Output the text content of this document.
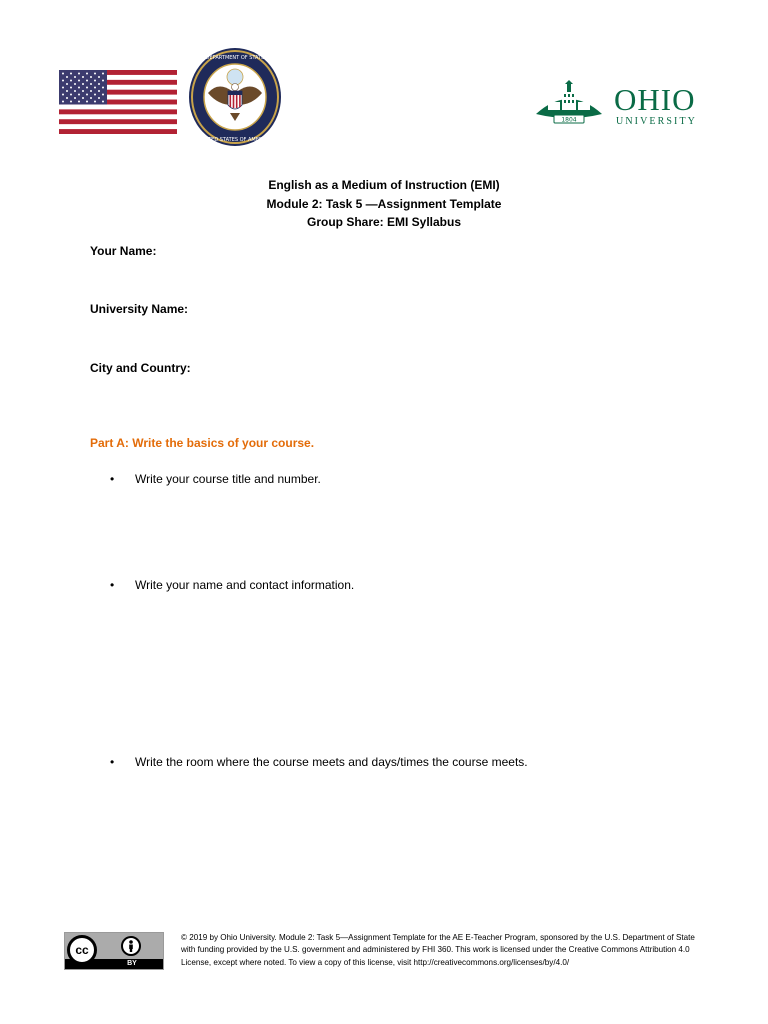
DEPARTMENT OF STATE
UNITED STATES OF AMERICA
1804
OHIO
UNIVERSITY
English as a Medium of Instruction (EMI)
Module 2: Task 5 —Assignment Template
Group Share: EMI Syllabus
Your Name:
University Name:
City and Country:
Part A: Write the basics of your course.
• Write your course title and number.
• Write your name and contact information.
• Write the room where the course meets and days/times the course meets.
cc
BY
© 2019 by Ohio University. Module 2: Task 5—Assignment Template for the AE E-Teacher Program, sponsored by the U.S. Department of State with funding provided by the U.S. government and administered by FHI 360. This work is licensed under the Creative Commons Attribution 4.0 License, except where noted. To view a copy of this license, visit http://creativecommons.org/licenses/by/4.0/
